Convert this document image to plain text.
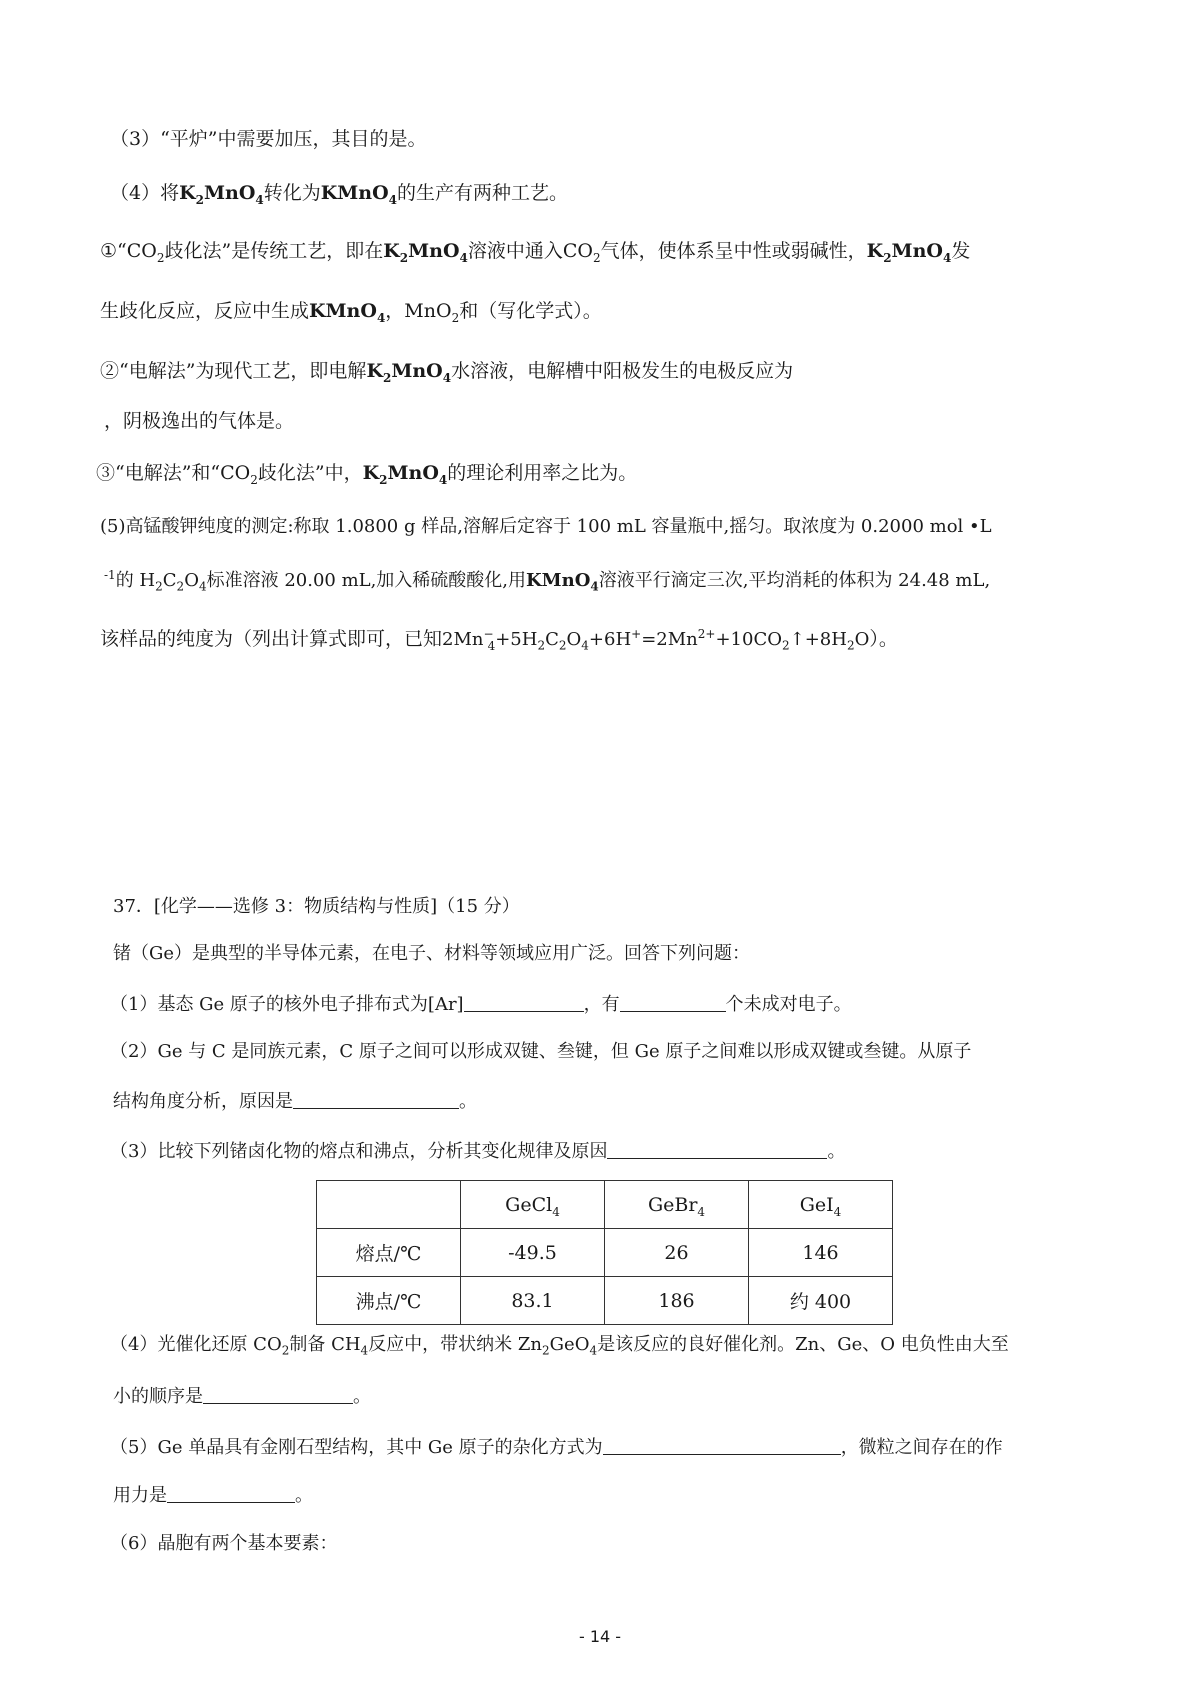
（3）“平炉”中需要加压，其目的是。
（4）将$K_2MnO_4$转化为KMnO$_4$的生产有两种工艺。
$①“CO_2$歧化法”是传统工艺，即在$K_2MnO_4$溶液中通入$CO_2$气体，使体系呈中性或弱碱性，$K_2MnO_4$发
生歧化反应，反应中生成KMnO$_4$，MnO$_2$和（写化学式）。
②“电解法”为现代工艺，即电解$K_2MnO_4$水溶液，电解槽中阳极发生的电极反应为
，阴极逸出的气体是。
③“电解法”和“$CO_2$歧化法”中，$K_2MnO_4$的理论利用率之比为。
(5)高锰酸钾纯度的测定:称取 1.0800 g 样品,溶解后定容于 100 mL 容量瓶中,摇匀。取浓度为 0.2000 mol •L
$^{-1}$的 $H_2C_2O_4$标准溶液 20.00 mL,加入稀硫酸酸化,用KMnO$_4$溶液平行滴定三次,平均消耗的体积为 24.48 mL,
该样品的纯度为（列出计算式即可，已知$2Mn^-_4+5H_2C_2O_4+6H^+=2Mn^{2+}+10CO_2↑+8H_2O$）。
37．[化学——选修 3：物质结构与性质]（15 分）
锗（Ge）是典型的半导体元素，在电子、材料等领域应用广泛。回答下列问题：
（1）基态 Ge 原子的核外电子排布式为[Ar]	，有	个未成对电子。
（2）Ge 与 C 是同族元素，C 原子之间可以形成双键、叁键，但 Ge 原子之间难以形成双键或叁键。从原子
结构角度分析，原因是	。
（3）比较下列锗卤化物的熔点和沸点，分析其变化规律及原因	。
	GeCl$_4$	GeBr$_4$	GeI$_4$
熔点/℃	-49.5	26	146
沸点/℃	83.1	186	约 400
（4）光催化还原 $CO_2$制备 $CH_4$反应中，带状纳米 $Zn_2GeO_4$是该反应的良好催化剂。Zn、Ge、O 电负性由大至
小的顺序是	。
（5）Ge 单晶具有金刚石型结构，其中 Ge 原子的杂化方式为	，微粒之间存在的作
用力是	。
（6）晶胞有两个基本要素：
- 14 -
